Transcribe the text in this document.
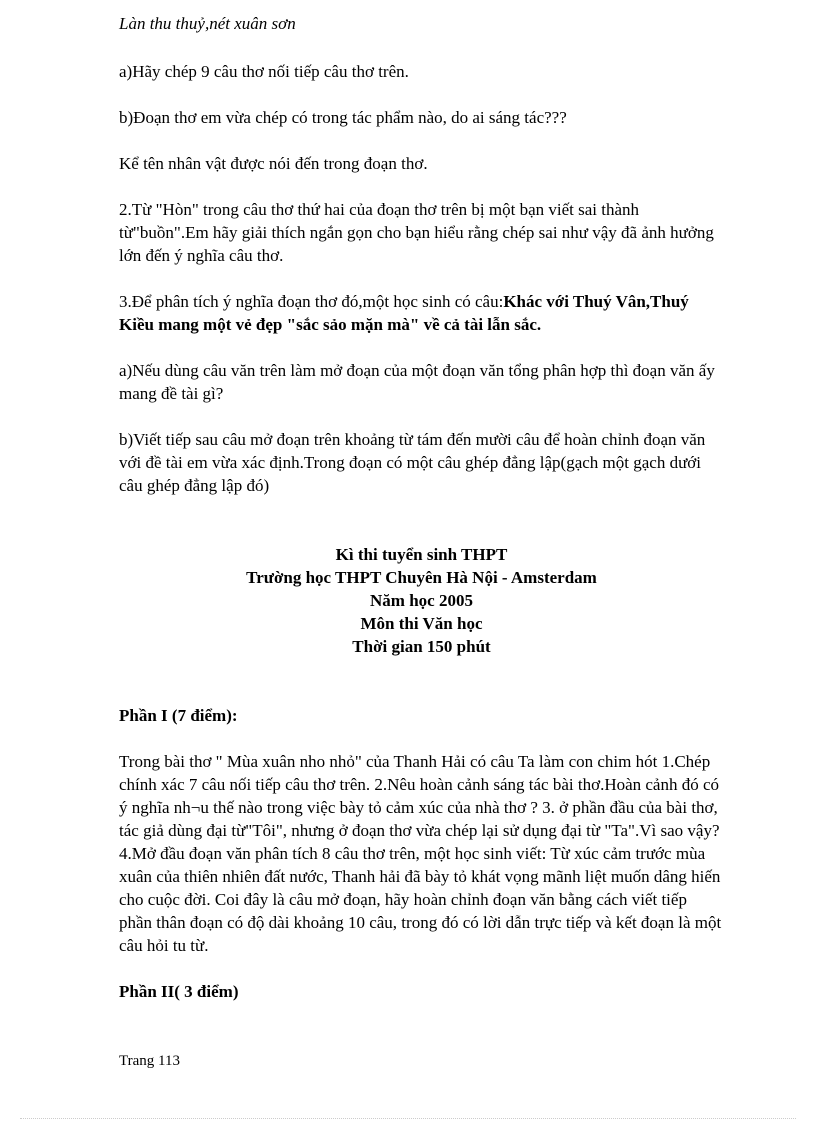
Làn thu thuỷ,nét xuân sơn

a)Hãy chép 9 câu thơ nối tiếp câu thơ trên.

b)Đoạn thơ em vừa chép có trong tác phẩm nào, do ai sáng tác???

Kể tên nhân vật được nói đến trong đoạn thơ.

2.Từ "Hòn" trong câu thơ thứ hai của đoạn thơ trên bị một bạn viết sai thành từ"buồn".Em hãy giải thích ngắn gọn cho bạn hiểu rằng chép sai như vậy đã ảnh hưởng lớn đến ý nghĩa câu thơ.

3.Để phân tích ý nghĩa đoạn thơ đó,một học sinh có câu:Khác với Thuý Vân,Thuý Kiều mang một vẻ đẹp "sắc sảo mặn mà" về cả tài lẫn sắc.

a)Nếu dùng câu văn trên làm mở đoạn của một đoạn văn tổng phân hợp thì đoạn văn ấy mang đề tài gì?

b)Viết tiếp sau câu mở đoạn trên khoảng từ tám đến mười câu để hoàn chỉnh đoạn văn với đề tài em vừa xác định.Trong đoạn có một câu ghép đẳng lập(gạch một gạch dưới câu ghép đẳng lập đó)

Kì thi tuyển sinh THPT
Trường học THPT Chuyên Hà Nội - Amsterdam
Năm học 2005
Môn thi Văn học
Thời gian 150 phút

Phần I (7 điểm):

Trong bài thơ " Mùa xuân nho nhỏ" của Thanh Hải có câu Ta làm con chim hót 1.Chép chính xác 7 câu nối tiếp câu thơ trên. 2.Nêu hoàn cảnh sáng tác bài thơ.Hoàn cảnh đó có ý nghĩa nh¬u thế nào trong việc bày tỏ cảm xúc của nhà thơ ? 3. ở phần đầu của bài thơ, tác giả dùng đại từ"Tôi", nhưng ở đoạn thơ vừa chép lại sử dụng đại từ "Ta".Vì sao vậy? 4.Mở đầu đoạn văn phân tích 8 câu thơ trên, một học sinh viết: Từ xúc cảm trước mùa xuân của thiên nhiên đất nước, Thanh hải đã bày tỏ khát vọng mãnh liệt muốn dâng hiến cho cuộc đời. Coi đây là câu mở đoạn, hãy hoàn chỉnh đoạn văn bằng cách viết tiếp phần thân đoạn có độ dài khoảng 10 câu, trong đó có lời dẫn trực tiếp và kết đoạn là một câu hỏi tu từ.

Phần II( 3 điểm)

Trang 113
